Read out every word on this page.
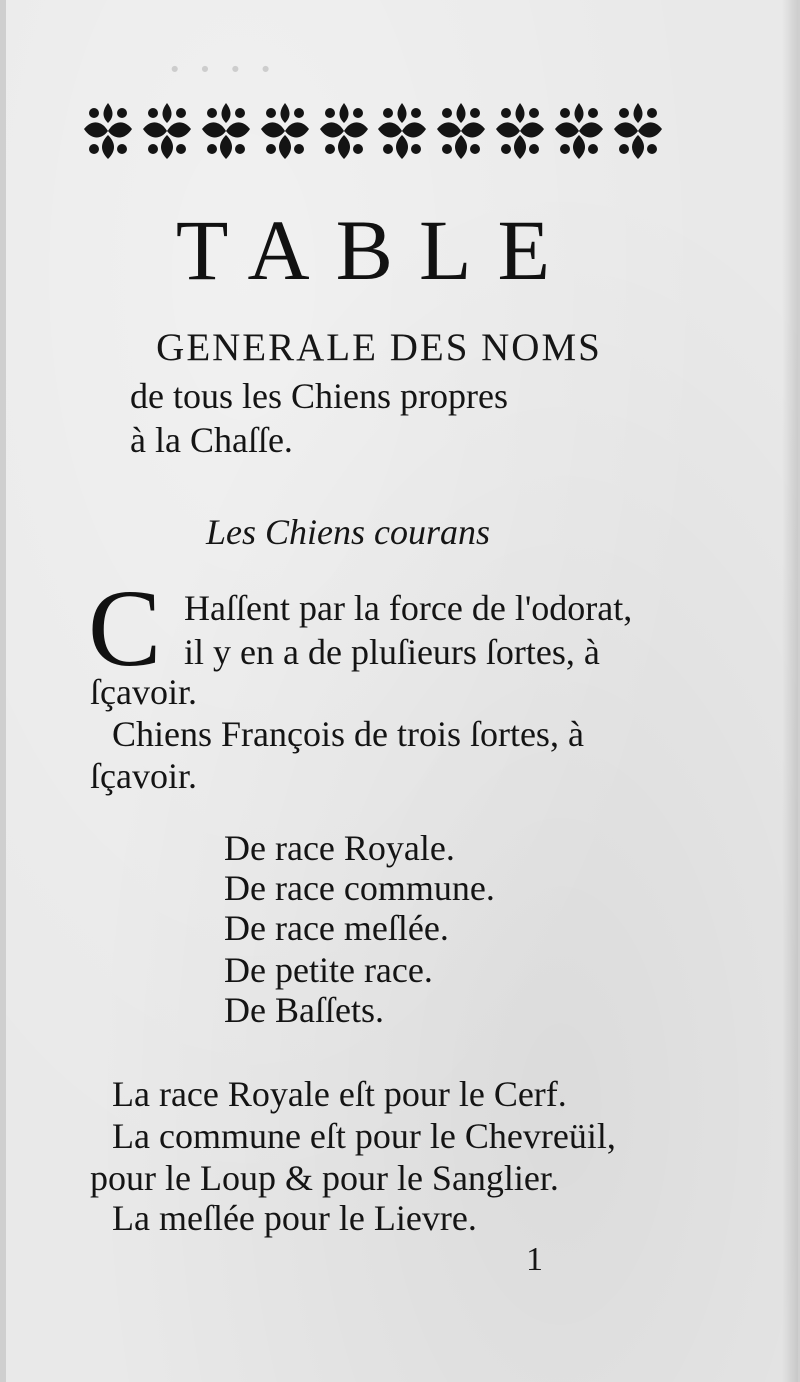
· · · ·
TABLE
GENERALE DES NOMS
de tous les Chiens propres
à la Chaſſe.
Les Chiens courans
C Haſſent par la force de l'odorat,
il y en a de pluſieurs ſortes, à
ſçavoir.
Chiens François de trois ſortes, à
ſçavoir.
De race Royale.
De race commune.
De race meſlée.
De petite race.
De Baſſets.
La race Royale eſt pour le Cerf.
La commune eſt pour le Chevreüil,
pour le Loup & pour le Sanglier.
La meſlée pour le Lievre.
1
